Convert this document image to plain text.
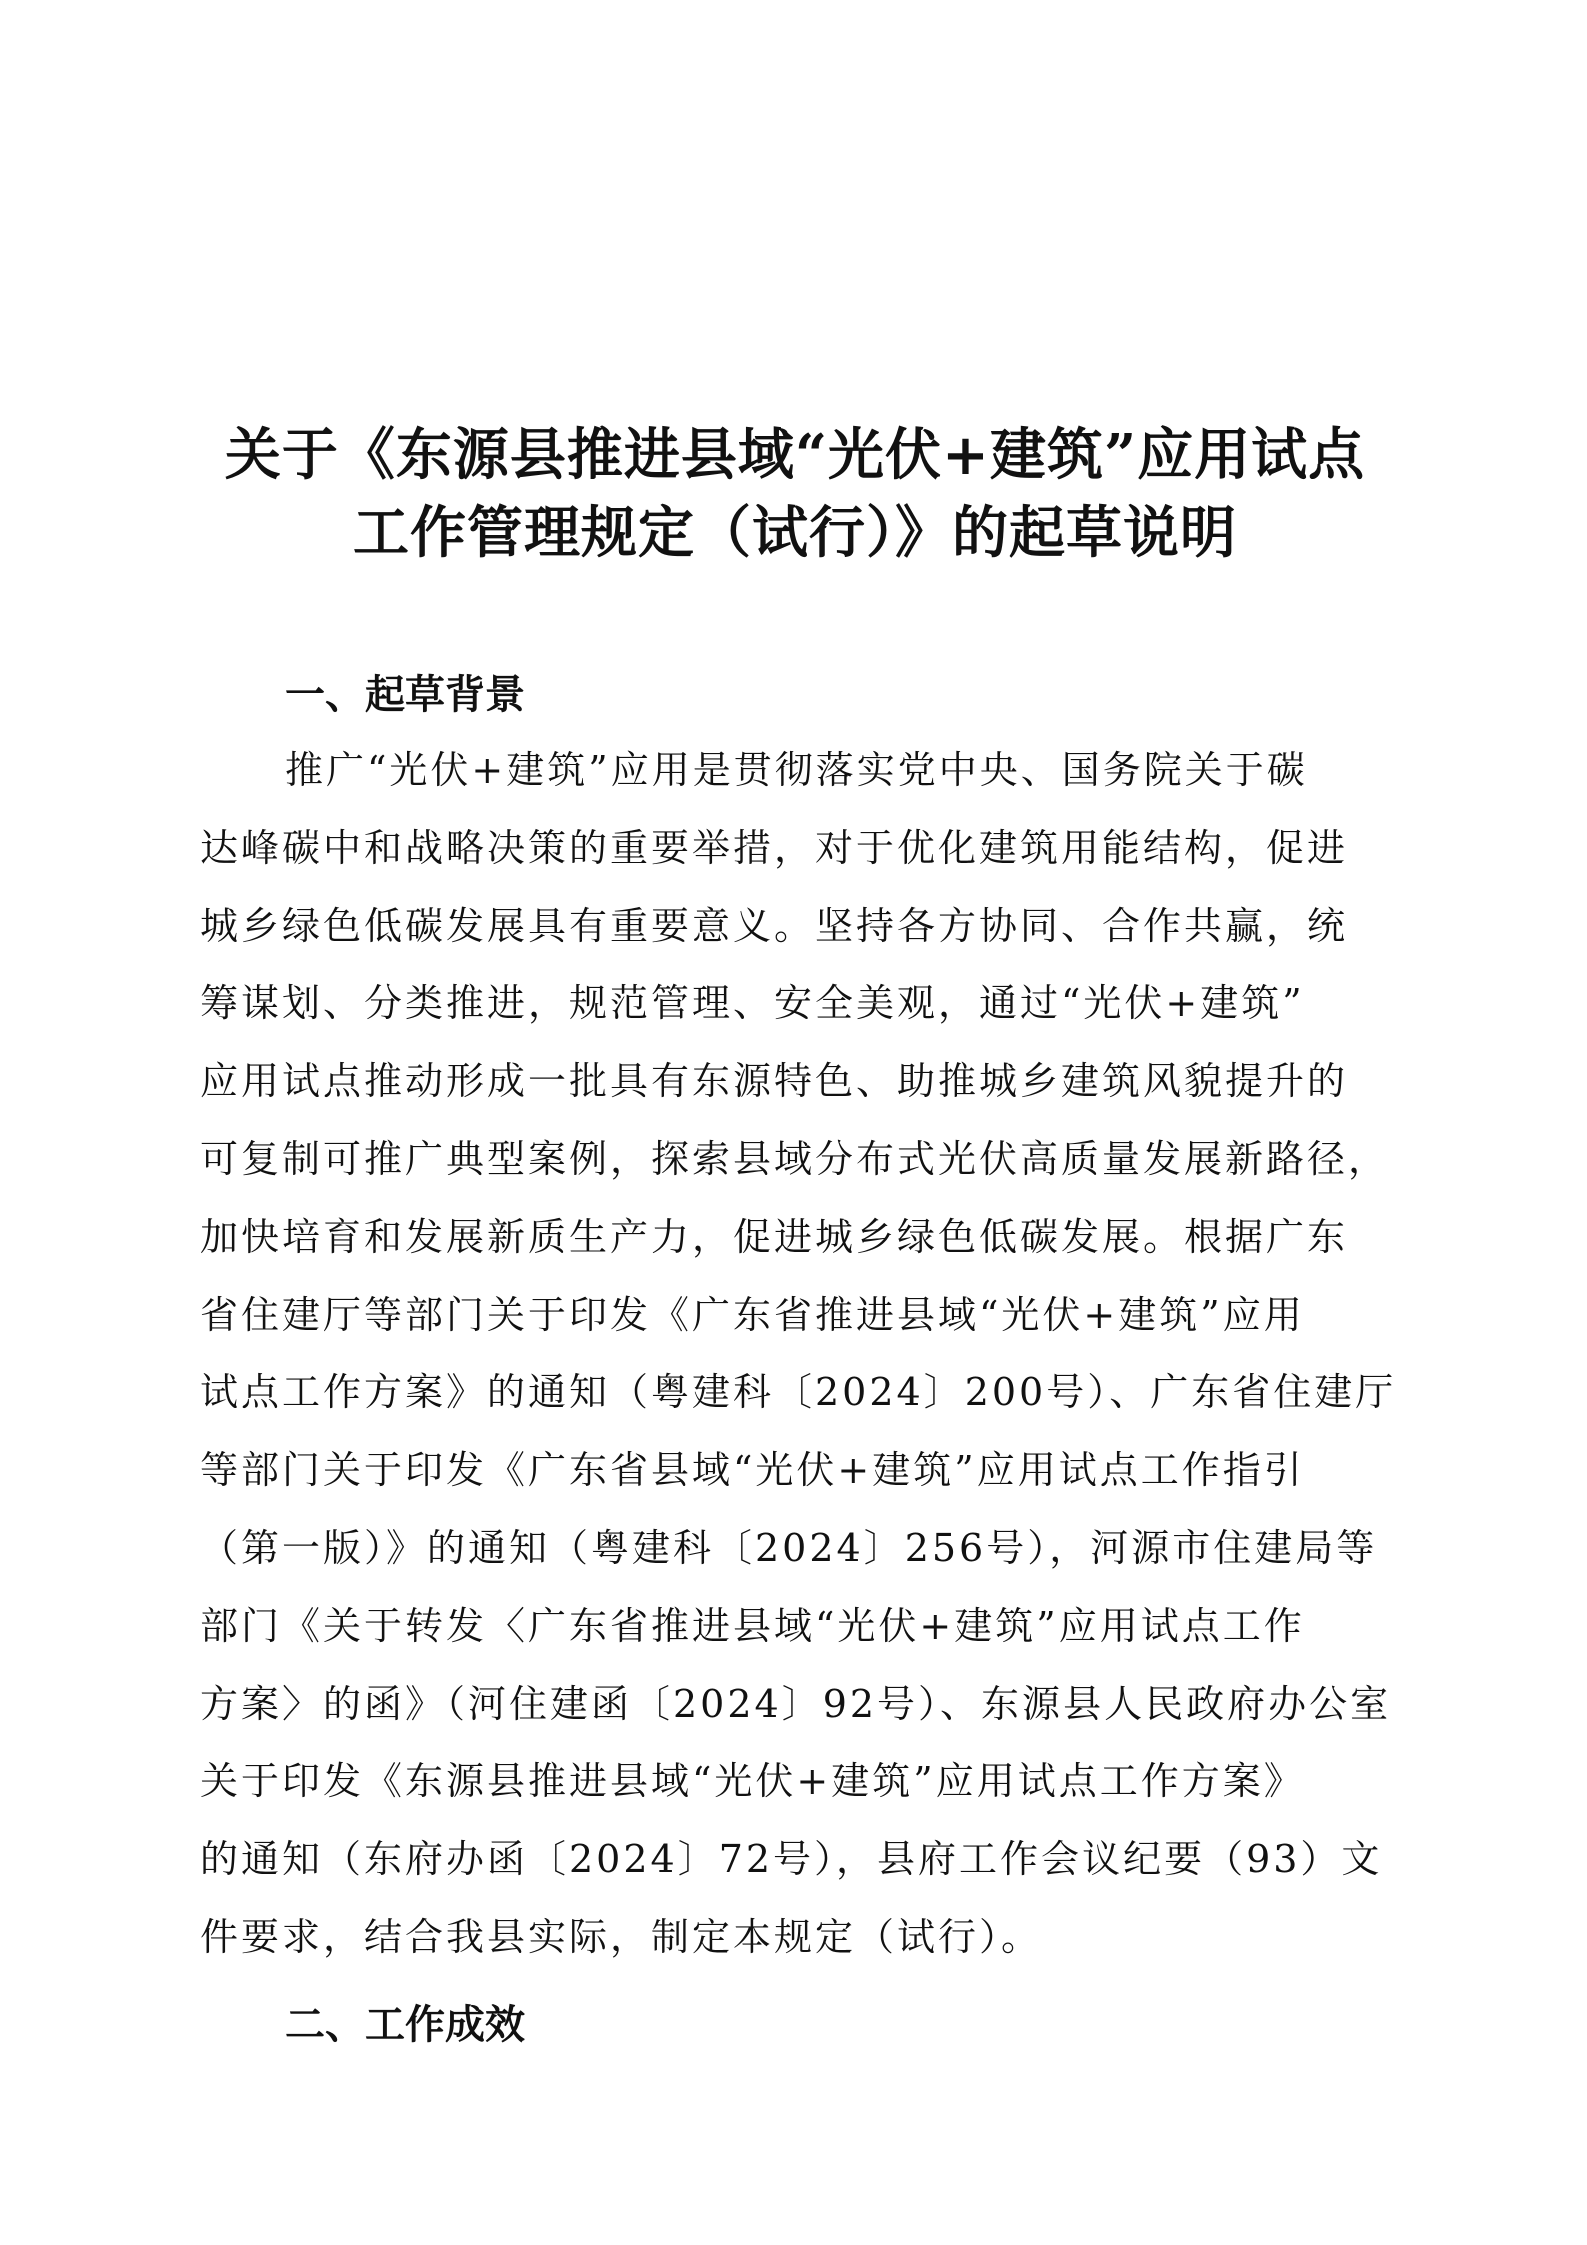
关于《东源县推进县域“光伏+建筑”应用试点
工作管理规定（试行）》的起草说明
一、起草背景
推广“光伏+建筑”应用是贯彻落实党中央、国务院关于碳
达峰碳中和战略决策的重要举措，对于优化建筑用能结构，促进
城乡绿色低碳发展具有重要意义。坚持各方协同、合作共赢，统
筹谋划、分类推进，规范管理、安全美观，通过“光伏+建筑”
应用试点推动形成一批具有东源特色、助推城乡建筑风貌提升的
可复制可推广典型案例，探索县域分布式光伏高质量发展新路径，
加快培育和发展新质生产力，促进城乡绿色低碳发展。根据广东
省住建厅等部门关于印发《广东省推进县域“光伏+建筑”应用
试点工作方案》的通知（粤建科〔2024〕200号）、广东省住建厅
等部门关于印发《广东省县域“光伏+建筑”应用试点工作指引
（第一版）》的通知（粤建科〔2024〕256号），河源市住建局等
部门《关于转发〈广东省推进县域“光伏+建筑”应用试点工作
方案〉的函》（河住建函〔2024〕92号）、东源县人民政府办公室
关于印发《东源县推进县域“光伏+建筑”应用试点工作方案》
的通知（东府办函〔2024〕72号），县府工作会议纪要（93）文
件要求，结合我县实际，制定本规定（试行）。
二、工作成效
